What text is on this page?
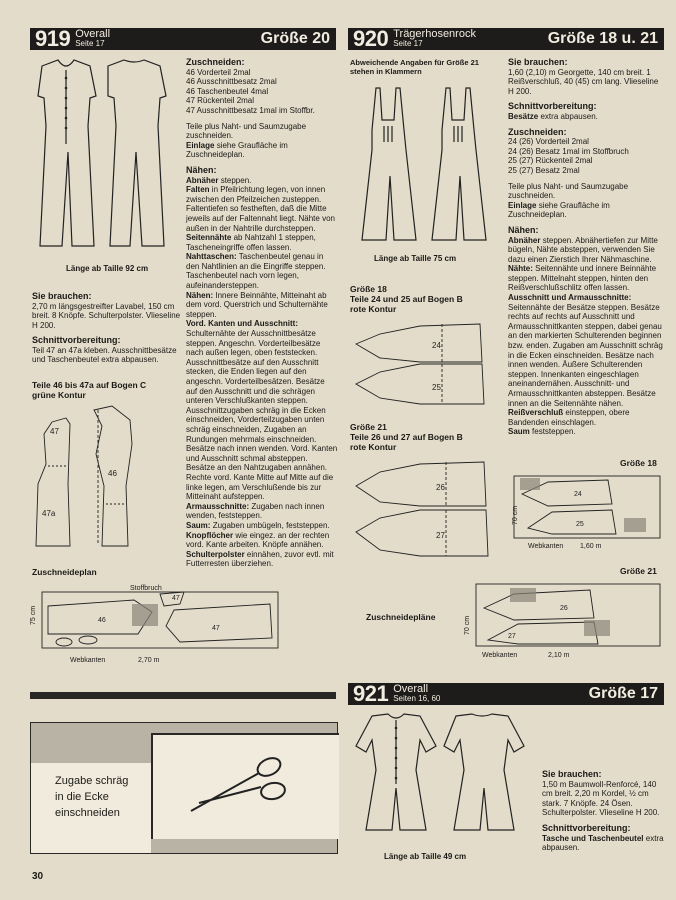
919 Overall
Seite 17	Größe 20
Länge ab Taille 92 cm
Sie brauchen:
2,70 m längsgestreifter Lavabel, 150 cm breit. 8 Knöpfe. Schulterpolster. Vlieseline H 200.
Schnittvorbereitung:
Teil 47 an 47a kleben. Ausschnittbesätze und Taschenbeutel extra abpausen.
Teile 46 bis 47a auf Bogen C grüne Kontur
47
47a
46
Zuschneideplan
46
47
47
Stoffbruch
Webkanten	2,70 m
75 cm
Zuschneiden:
46 Vorderteil 2mal
46 Ausschnittbesatz 2mal
46 Taschenbeutel 4mal
47 Rückenteil 2mal
47 Ausschnittbesatz 1mal im Stoffbr.
Teile plus Naht- und Saumzugabe zuschneiden.
Einlage siehe Graufläche im Zuschneideplan.
Nähen:
Abnäher steppen.
Falten in Pfeilrichtung legen, von innen zwischen den Pfeilzeichen zusteppen. Faltentiefen so festheften, daß die Mitte jeweils auf der Faltennaht liegt. Nähte von außen in der Nahtrille durchsteppen.
Seitennähte ab Nahtzahl 1 steppen, Tascheneingriffe offen lassen.
Nahttaschen: Taschenbeutel genau in den Nahtlinien an die Eingriffe steppen. Taschenbeutel nach vorn legen, aufeinandersteppen.
Nähen: Innere Beinnähte, Mitteinaht ab dem vord. Querstrich und Schulternähte steppen.
Vord. Kanten und Ausschnitt: Schulternähte der Ausschnittbesätze steppen. Angeschn. Vorderteilbesätze nach außen legen, oben feststecken. Ausschnittbesätze auf den Ausschnitt stecken, die Enden liegen auf den angeschn. Vorderteilbesätzen. Besätze auf den Ausschnitt und die schrägen unteren Verschlußkanten steppen. Ausschnittzugaben schräg in die Ecken einschneiden, Vorderteilzugaben unten schräg einschneiden, Zugaben an Rundungen mehrmals einschneiden. Besätze nach innen wenden. Vord. Kanten und Ausschnitt schmal absteppen. Besätze an den Nahtzugaben annähen. Rechte vord. Kante Mitte auf Mitte auf die linke legen, am Verschlußende bis zur Mitteinaht aufsteppen.
Armausschnitte: Zugaben nach innen wenden, feststeppen.
Saum: Zugaben umbügeln, feststeppen.
Knopflöcher wie eingez. an der rechten vord. Kante arbeiten. Knöpfe annähen.
Schulterpolster einnähen, zuvor evtl. mit Futterresten überziehen.
920 Trägerhosenrock
Seite 17	Größe 18 u. 21
Abweichende Angaben für Größe 21 stehen in Klammern
Länge ab Taille 75 cm
Größe 18
Teile 24 und 25 auf Bogen B
rote Kontur
24
25
Größe 21
Teile 26 und 27 auf Bogen B
rote Kontur
26
27
Sie brauchen:
1,60 (2,10) m Georgette, 140 cm breit. 1 Reißverschluß, 40 (45) cm lang. Vlieseline H 200.
Schnittvorbereitung:
Besätze extra abpausen.
Zuschneiden:
24 (26) Vorderteil 2mal
24 (26) Besatz 1mal im Stoffbruch
25 (27) Rückenteil 2mal
25 (27) Besatz 2mal
Teile plus Naht- und Saumzugabe zuschneiden.
Einlage siehe Graufläche im Zuschneideplan.
Nähen:
Abnäher steppen. Abnähertiefen zur Mitte bügeln, Nähte absteppen, verwenden Sie dazu einen Zierstich Ihrer Nähmaschine.
Nähte: Seitennähte und innere Beinnähte steppen. Mittelnaht steppen, hinten den Reißverschlußschlitz offen lassen.
Ausschnitt und Armausschnitte: Seitennähte der Besätze steppen. Besätze rechts auf rechts auf Ausschnitt und Armausschnittkanten steppen, dabei genau an den markierten Schulterenden beginnen bzw. enden. Zugaben am Ausschnitt schräg in die Ecken einschneiden. Besätze nach innen wenden. Äußere Schulterenden steppen. Innenkanten eingeschlagen aneinandernähen. Ausschnitt- und Armausschnittkanten absteppen. Besätze innen an die Seitennähte nähen.
Reißverschluß einsteppen, obere Bandenden einschlagen.
Saum feststeppen.
Größe 18
24
25
Webkanten 1,60 m
70 cm
Größe 21
Zuschneidepläne
26
27
Webkanten	2,10 m
70 cm
Zugabe schräg
in die Ecke
einschneiden
921 Overall
Seiten 16, 60	Größe 17
Länge ab Taille 49 cm
Sie brauchen:
1,50 m Baumwoll-Renforcé, 140 cm breit. 2,20 m Kordel, ½ cm stark. 7 Knöpfe. 24 Ösen. Schulterpolster. Vlieseline H 200.
Schnittvorbereitung:
Tasche und Taschenbeutel extra abpausen.
30
